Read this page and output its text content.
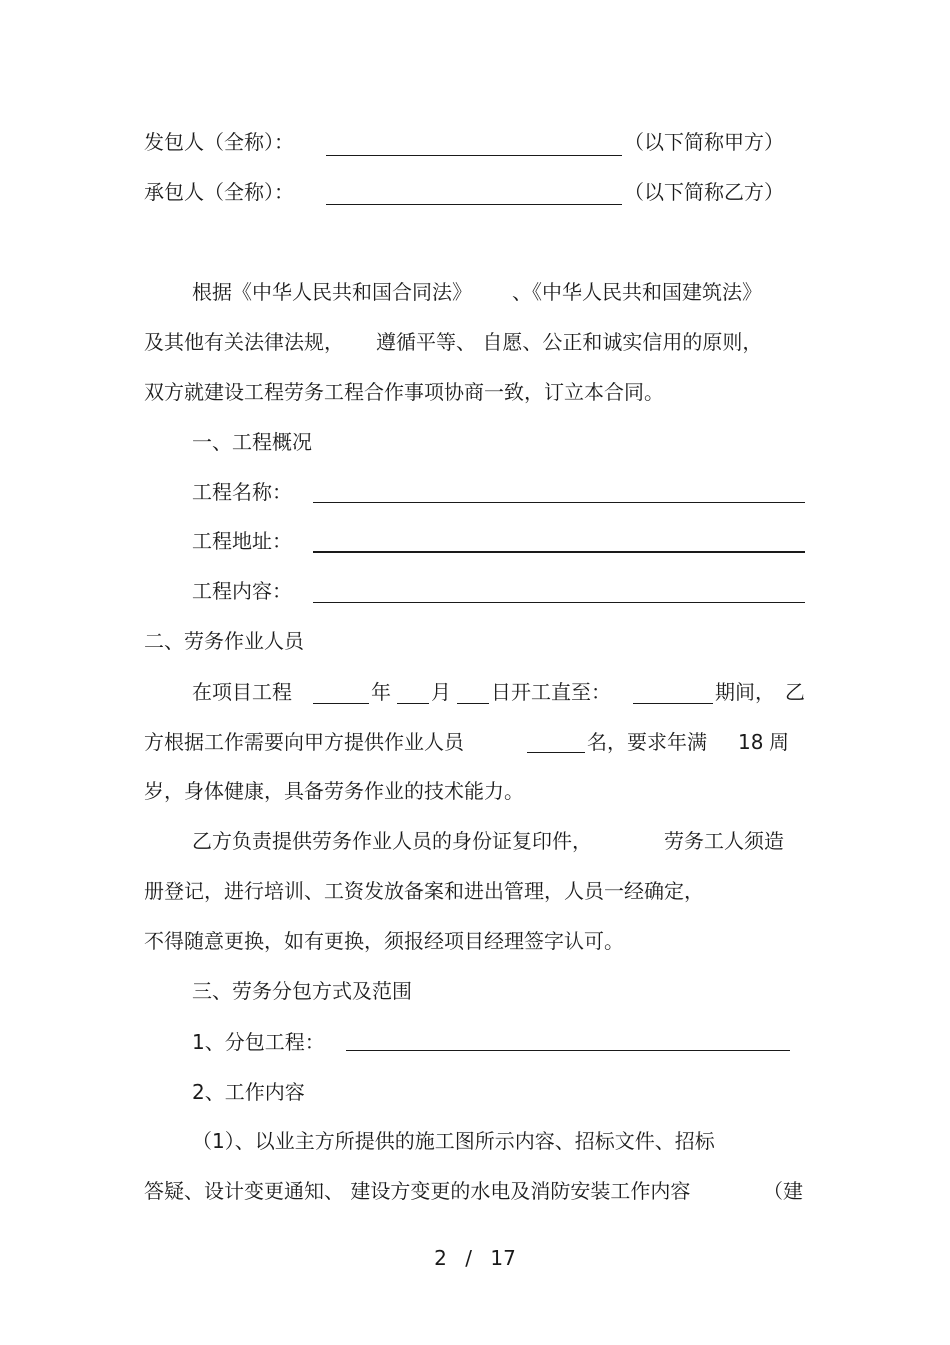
发包人（全称）：	（以下简称甲方）
承包人（全称）：	（以下简称乙方）
根据《中华人民共和国合同法》 、《中华人民共和国建筑法》
及其他有关法律法规， 遵循平等、 自愿、公正和诚实信用的原则，
双方就建设工程劳务工程合作事项协商一致，订立本合同。
一、工程概况
工程名称：
工程地址：
工程内容：
二、劳务作业人员
在项目工程	年 月 日开工直至：	期间， 乙
方根据工作需要向甲方提供作业人员	名，要求年满 18 周
岁，身体健康，具备劳务作业的技术能力。
乙方负责提供劳务作业人员的身份证复印件，	劳务工人须造
册登记，进行培训、工资发放备案和进出管理，人员一经确定，
不得随意更换，如有更换，须报经项目经理签字认可。
三、劳务分包方式及范围
1、分包工程：
2、工作内容
（1）、以业主方所提供的施工图所示内容、招标文件、招标
答疑、设计变更通知、 建设方变更的水电及消防安装工作内容	（建
2 / 17
